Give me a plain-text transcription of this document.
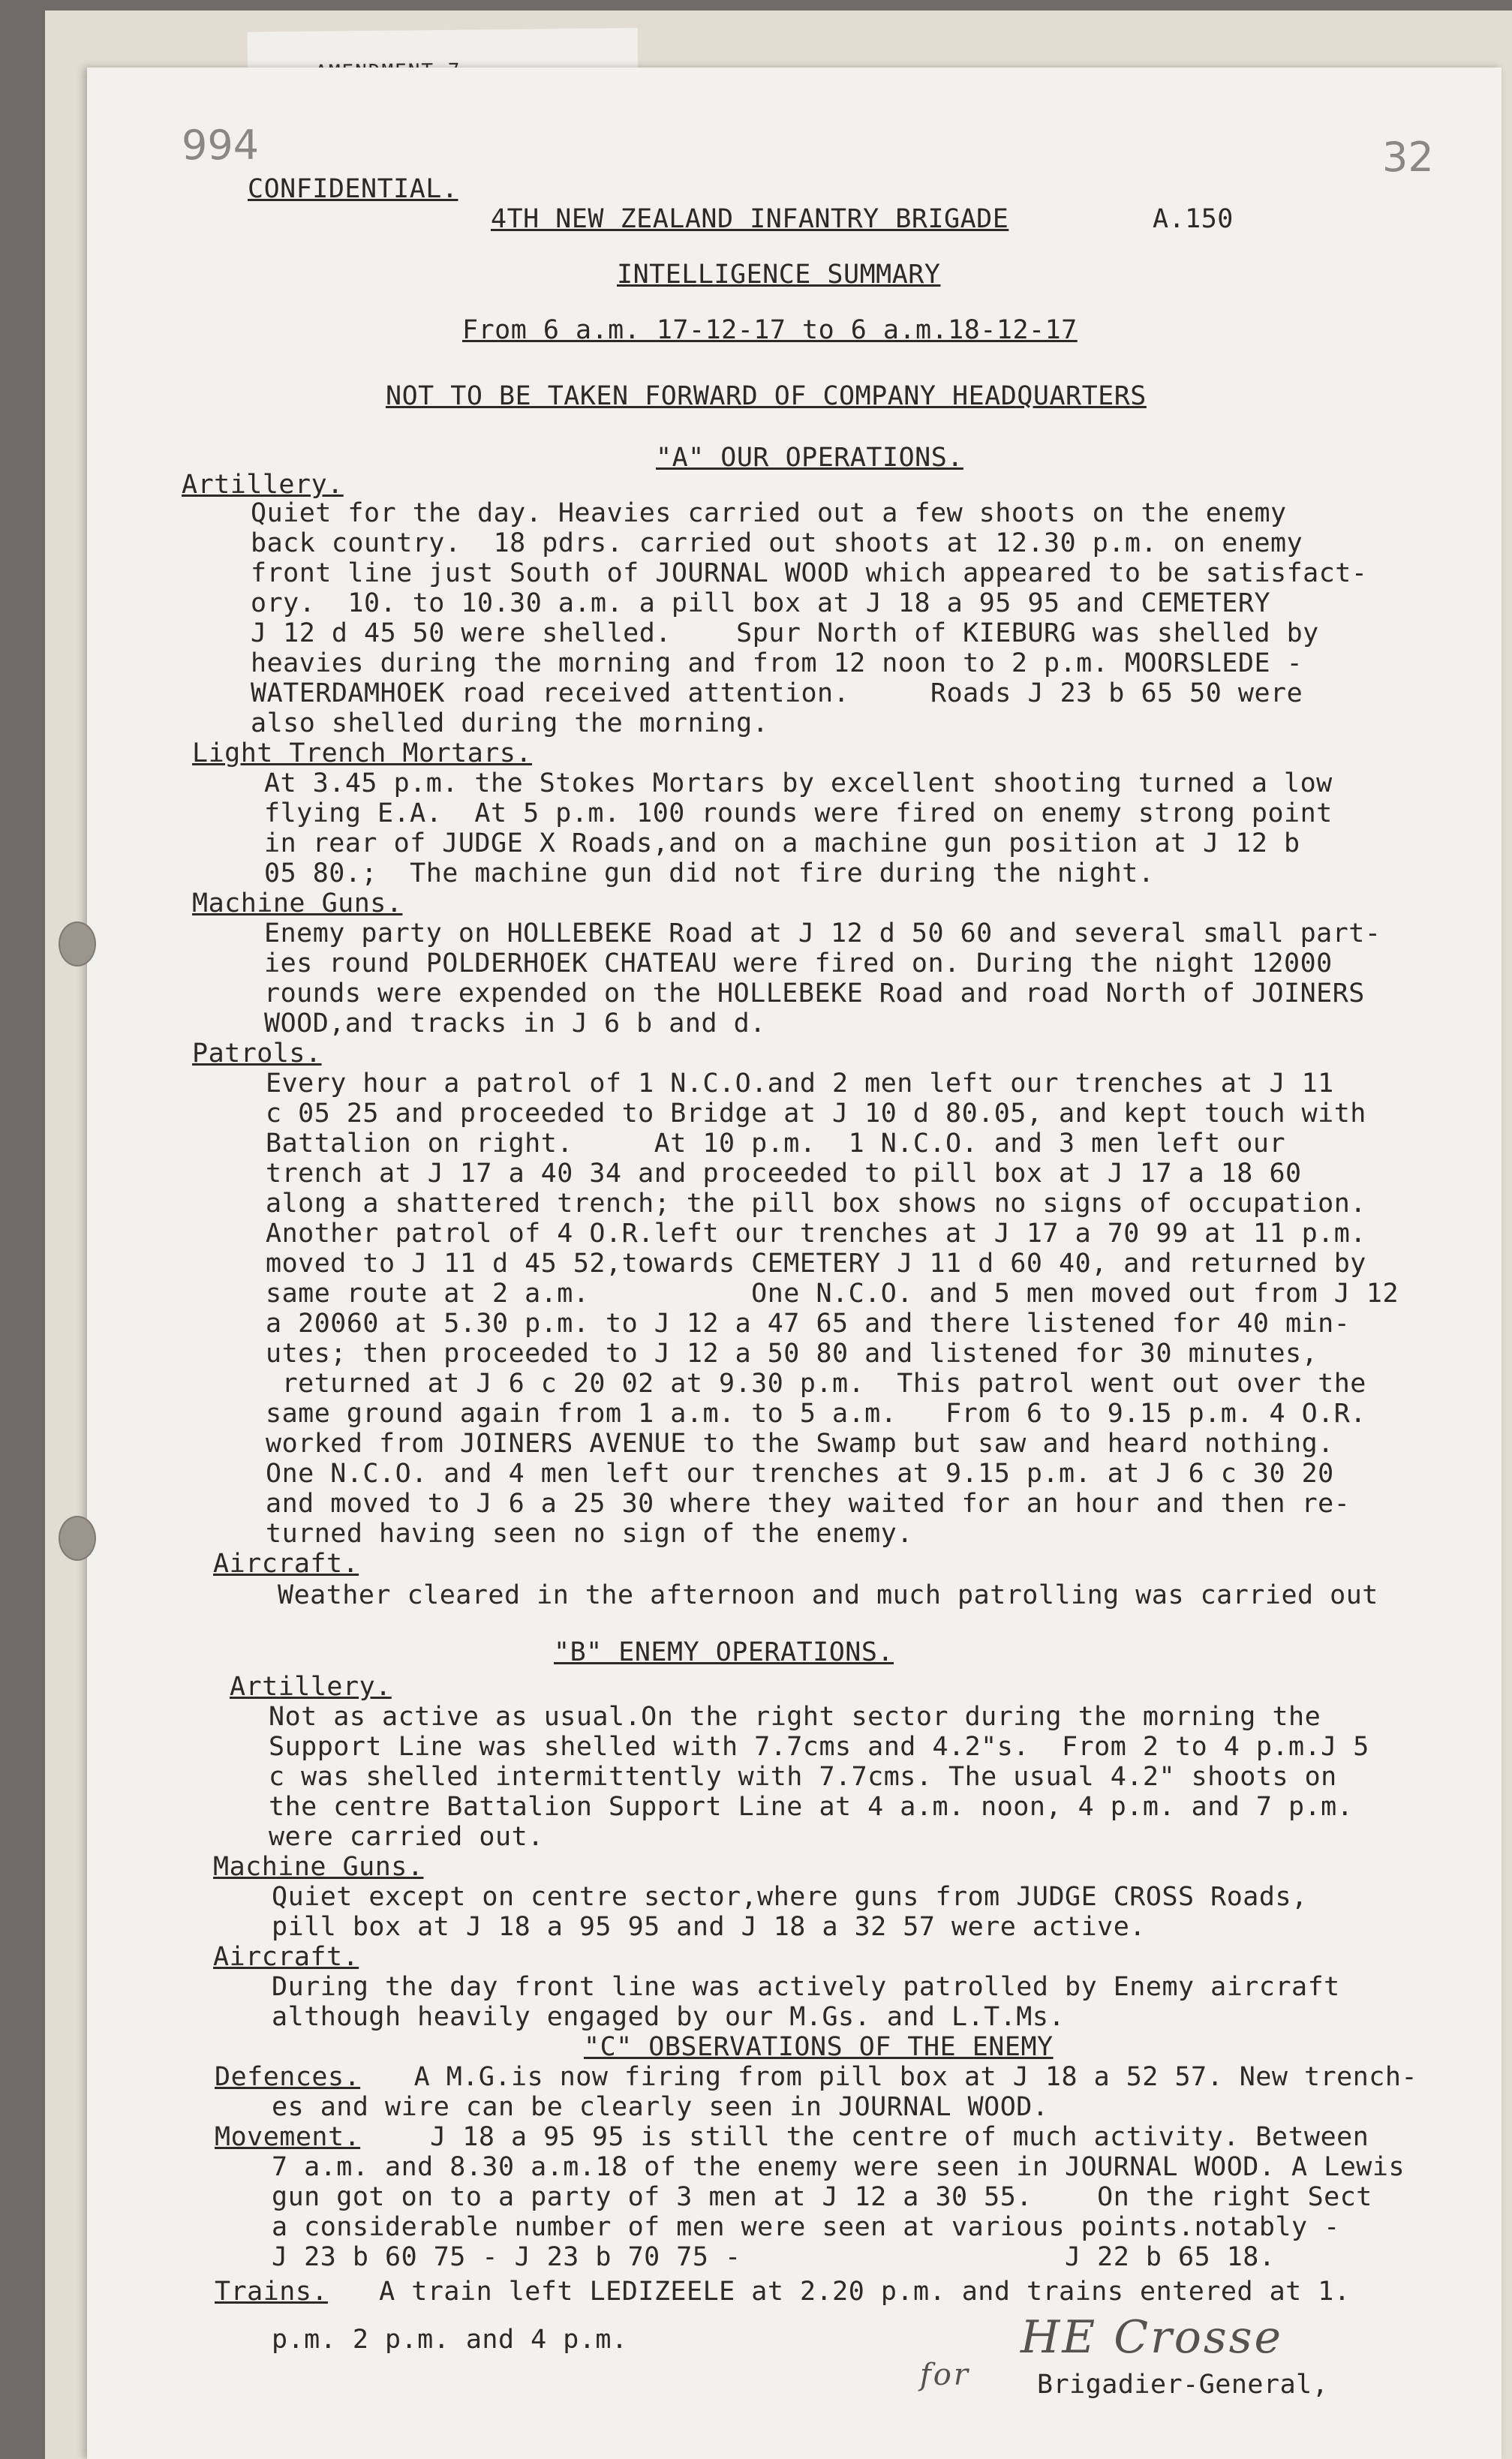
994	32
CONFIDENTIAL.
4TH NEW ZEALAND INFANTRY BRIGADE	A.150
INTELLIGENCE SUMMARY
From 6 a.m. 17-12-17 to 6 a.m.18-12-17
NOT TO BE TAKEN FORWARD OF COMPANY HEADQUARTERS
"A" OUR OPERATIONS.
Artillery.
Quiet for the day. Heavies carried out a few shoots on the enemy
back country.  18 pdrs. carried out shoots at 12.30 p.m. on enemy
front line just South of JOURNAL WOOD which appeared to be satisfact-
ory.  10. to 10.30 a.m. a pill box at J 18 a 95 95 and CEMETERY
J 12 d 45 50 were shelled.    Spur North of KIEBURG was shelled by
heavies during the morning and from 12 noon to 2 p.m. MOORSLEDE -
WATERDAMHOEK road received attention.     Roads J 23 b 65 50 were
also shelled during the morning.
Light Trench Mortars.
At 3.45 p.m. the Stokes Mortars by excellent shooting turned a low
flying E.A.  At 5 p.m. 100 rounds were fired on enemy strong point
in rear of JUDGE X Roads,and on a machine gun position at J 12 b
05 80.;  The machine gun did not fire during the night.
Machine Guns.
Enemy party on HOLLEBEKE Road at J 12 d 50 60 and several small part-
ies round POLDERHOEK CHATEAU were fired on. During the night 12000
rounds were expended on the HOLLEBEKE Road and road North of JOINERS
WOOD,and tracks in J 6 b and d.
Patrols.
Every hour a patrol of 1 N.C.O.and 2 men left our trenches at J 11
c 05 25 and proceeded to Bridge at J 10 d 80.05, and kept touch with
Battalion on right.     At 10 p.m.  1 N.C.O. and 3 men left our
trench at J 17 a 40 34 and proceeded to pill box at J 17 a 18 60
along a shattered trench; the pill box shows no signs of occupation.
Another patrol of 4 O.R.left our trenches at J 17 a 70 99 at 11 p.m.
moved to J 11 d 45 52,towards CEMETERY J 11 d 60 40, and returned by
same route at 2 a.m.          One N.C.O. and 5 men moved out from J 12
a 20060 at 5.30 p.m. to J 12 a 47 65 and there listened for 40 min-
utes; then proceeded to J 12 a 50 80 and listened for 30 minutes,
returned at J 6 c 20 02 at 9.30 p.m.  This patrol went out over the
same ground again from 1 a.m. to 5 a.m.   From 6 to 9.15 p.m. 4 O.R.
worked from JOINERS AVENUE to the Swamp but saw and heard nothing.
One N.C.O. and 4 men left our trenches at 9.15 p.m. at J 6 c 30 20
and moved to J 6 a 25 30 where they waited for an hour and then re-
turned having seen no sign of the enemy.
Aircraft.
Weather cleared in the afternoon and much patrolling was carried out
"B" ENEMY OPERATIONS.
Artillery.
Not as active as usual.On the right sector during the morning the
Support Line was shelled with 7.7cms and 4.2"s.  From 2 to 4 p.m.J 5
c was shelled intermittently with 7.7cms. The usual 4.2" shoots on
the centre Battalion Support Line at 4 a.m. noon, 4 p.m. and 7 p.m.
were carried out.
Machine Guns.
Quiet except on centre sector,where guns from JUDGE CROSS Roads,
pill box at J 18 a 95 95 and J 18 a 32 57 were active.
Aircraft.
During the day front line was actively patrolled by Enemy aircraft
although heavily engaged by our M.Gs. and L.T.Ms.
"C" OBSERVATIONS OF THE ENEMY
Defences. A M.G.is now firing from pill box at J 18 a 52 57. New trench-
es and wire can be clearly seen in JOURNAL WOOD.
Movement. J 18 a 95 95 is still the centre of much activity. Between
7 a.m. and 8.30 a.m.18 of the enemy were seen in JOURNAL WOOD. A Lewis
gun got on to a party of 3 men at J 12 a 30 55.    On the right Sect
a considerable number of men were seen at various points.notably -
J 23 b 60 75 - J 23 b 70 75 -                    J 22 b 65 18.
Trains. A train left LEDIZEELE at 2.20 p.m. and trains entered at 1.
p.m. 2 p.m. and 4 p.m.	HE Crosse
for	Brigadier-General,
